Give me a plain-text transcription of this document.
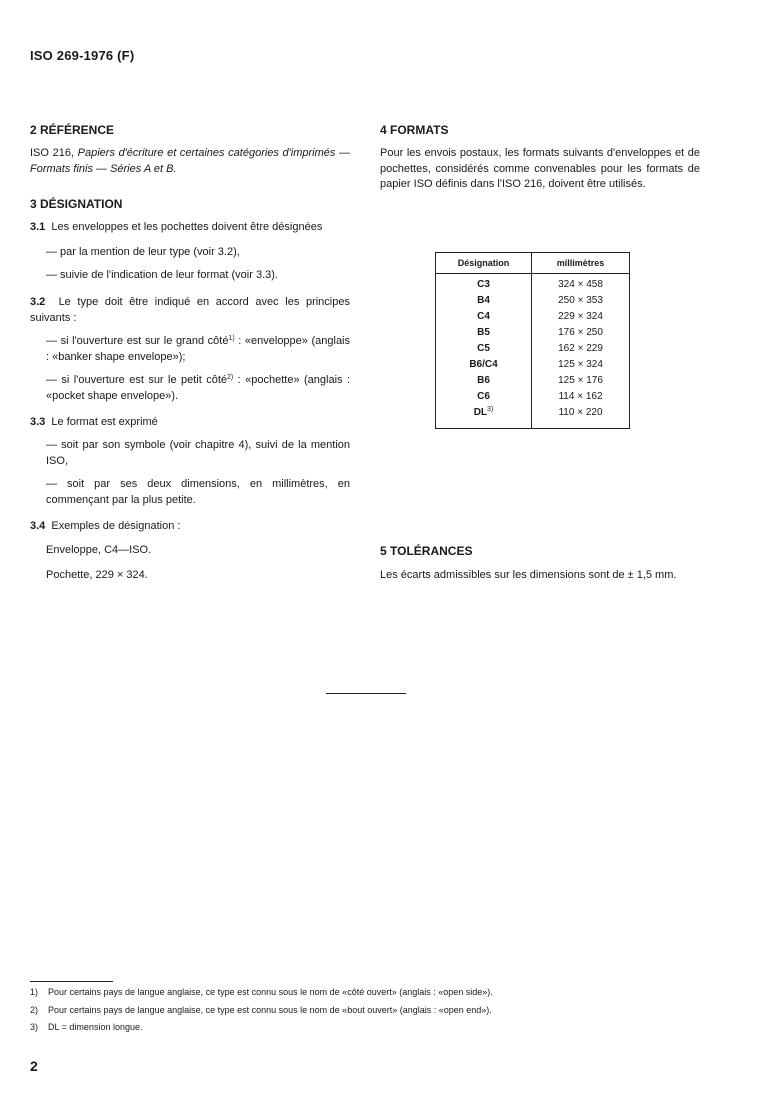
ISO 269-1976 (F)
2 RÉFÉRENCE
ISO 216, Papiers d'écriture et certaines catégories d'imprimés — Formats finis — Séries A et B.
3 DÉSIGNATION
3.1 Les enveloppes et les pochettes doivent être désignées
— par la mention de leur type (voir 3.2),
— suivie de l'indication de leur format (voir 3.3).
3.2 Le type doit être indiqué en accord avec les principes suivants :
— si l'ouverture est sur le grand côté$^{1)}$ : «enveloppe» (anglais : «banker shape envelope»);
— si l'ouverture est sur le petit côté$^{2)}$ : «pochette» (anglais : «pocket shape envelope»).
3.3 Le format est exprimé
— soit par son symbole (voir chapitre 4), suivi de la mention ISO,
— soit par ses deux dimensions, en millimètres, en commençant par la plus petite.
3.4 Exemples de désignation :
Enveloppe, C4—ISO.
Pochette, 229 × 324.
4 FORMATS
Pour les envois postaux, les formats suivants d'enveloppes et de pochettes, considérés comme convenables pour les formats de papier ISO définis dans l'ISO 216, doivent être utilisés.
Désignation	millimètres
C3	324 × 458
B4	250 × 353
C4	229 × 324
B5	176 × 250
C5	162 × 229
B6/C4	125 × 324
B6	125 × 176
C6	114 × 162
DL$^{3)}$	110 × 220
5 TOLÉRANCES
Les écarts admissibles sur les dimensions sont de ± 1,5 mm.
1) Pour certains pays de langue anglaise, ce type est connu sous le nom de «côté ouvert» (anglais : «open side»).
2) Pour certains pays de langue anglaise, ce type est connu sous le nom de «bout ouvert» (anglais : «open end»).
3) DL = dimension longue.
2
